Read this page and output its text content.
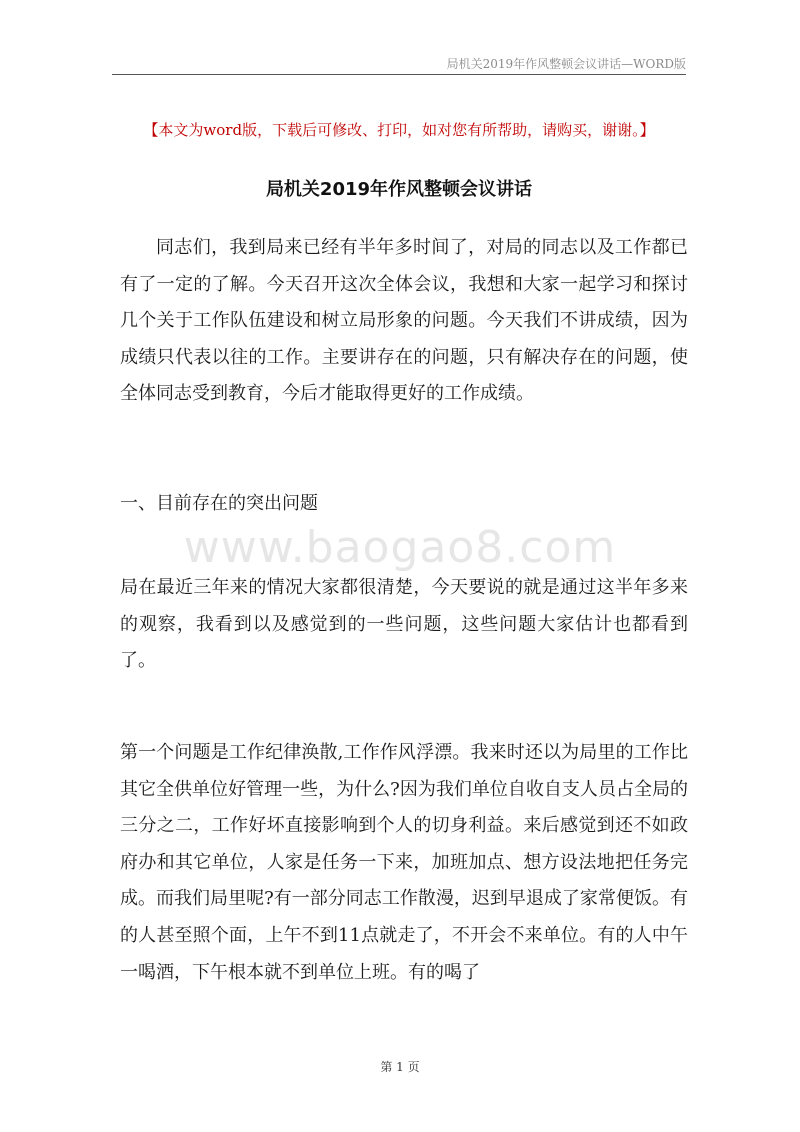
局机关2019年作风整顿会议讲话—WORD版
【本文为word版，下载后可修改、打印，如对您有所帮助，请购买，谢谢。】
局机关2019年作风整顿会议讲话
www.baogao8.com

同志们，我到局来已经有半年多时间了，对局的同志以及工作都已有了一定的了解。今天召开这次全体会议，我想和大家一起学习和探讨几个关于工作队伍建设和树立局形象的问题。今天我们不讲成绩，因为成绩只代表以往的工作。主要讲存在的问题，只有解决存在的问题，使全体同志受到教育，今后才能取得更好的工作成绩。

一、目前存在的突出问题

局在最近三年来的情况大家都很清楚，今天要说的就是通过这半年多来的观察，我看到以及感觉到的一些问题，这些问题大家估计也都看到了。

第一个问题是工作纪律涣散,工作作风浮漂。我来时还以为局里的工作比其它全供单位好管理一些，为什么?因为我们单位自收自支人员占全局的三分之二，工作好坏直接影响到个人的切身利益。来后感觉到还不如政府办和其它单位，人家是任务一下来，加班加点、想方设法地把任务完成。而我们局里呢?有一部分同志工作散漫，迟到早退成了家常便饭。有的人甚至照个面，上午不到11点就走了，不开会不来单位。有的人中午一喝酒，下午根本就不到单位上班。有的喝了

第 1 页
